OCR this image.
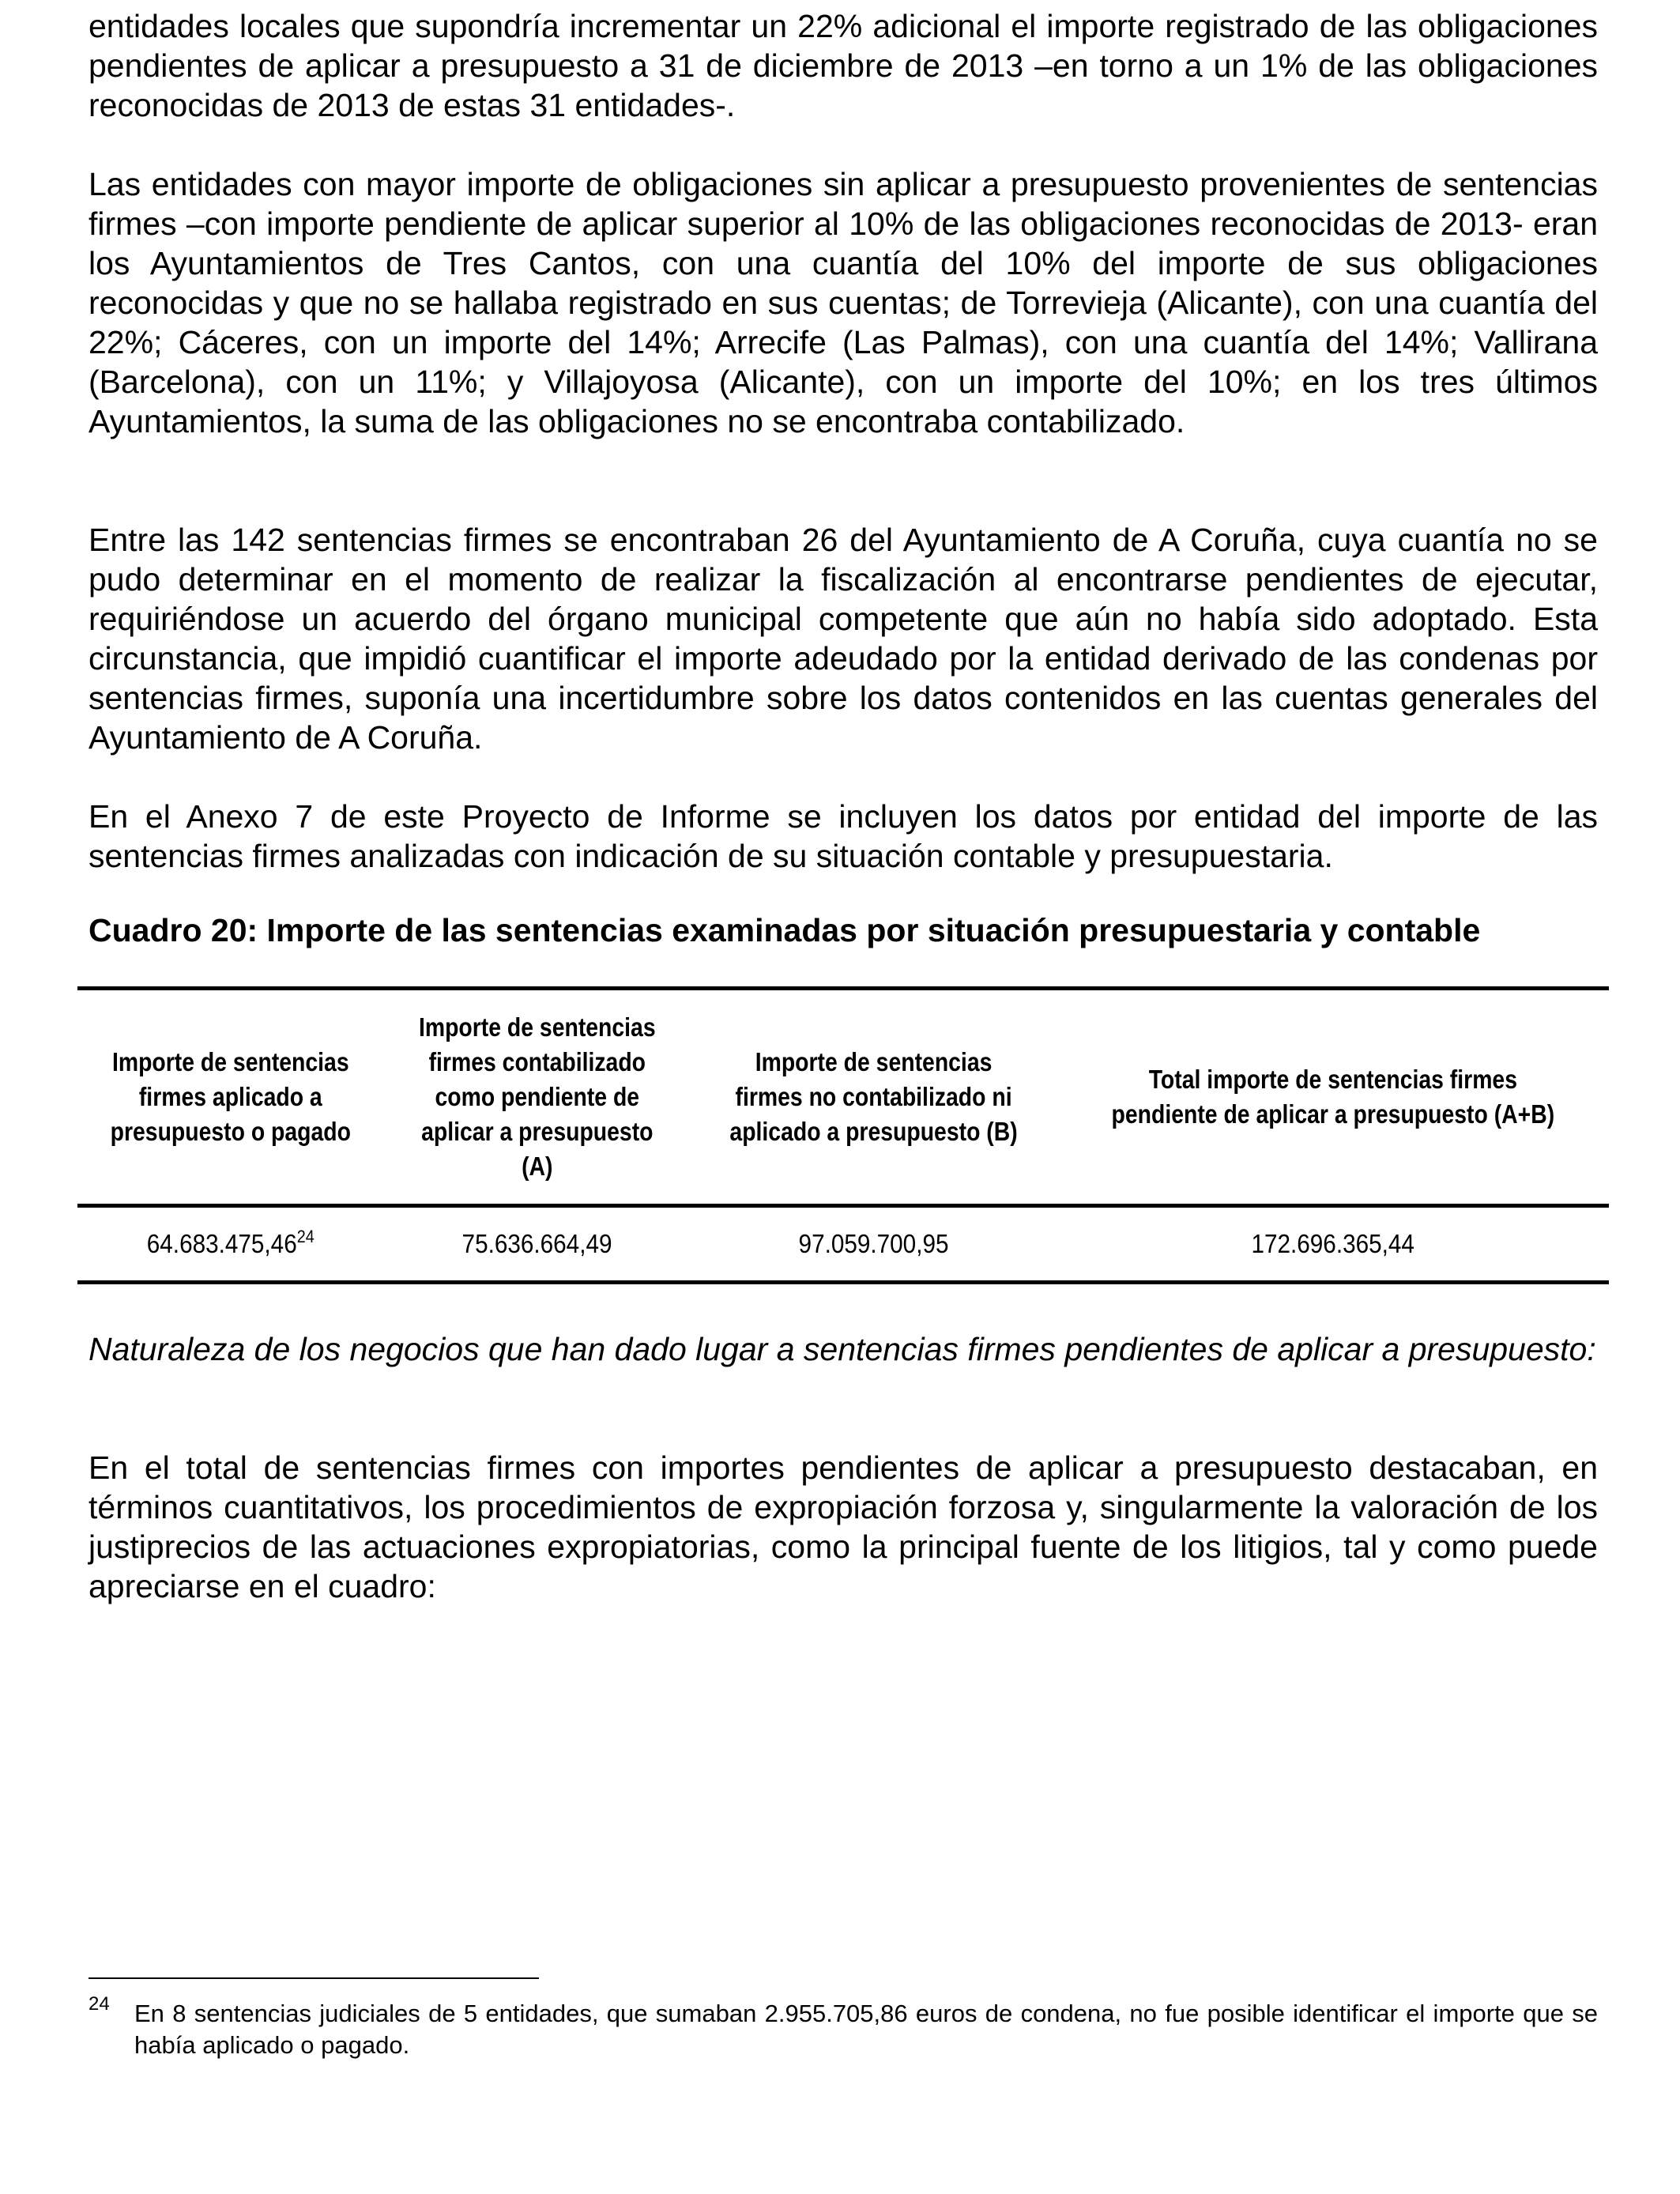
entidades locales que supondría incrementar un 22% adicional el importe registrado de las obligaciones pendientes de aplicar a presupuesto a 31 de diciembre de 2013 –en torno a un 1% de las obligaciones reconocidas de 2013 de estas 31 entidades-.

Las entidades con mayor importe de obligaciones sin aplicar a presupuesto provenientes de sentencias firmes –con importe pendiente de aplicar superior al 10% de las obligaciones reconocidas de 2013- eran los Ayuntamientos de Tres Cantos, con una cuantía del 10% del importe de sus obligaciones reconocidas y que no se hallaba registrado en sus cuentas; de Torrevieja (Alicante), con una cuantía del 22%; Cáceres, con un importe del 14%; Arrecife (Las Palmas), con una cuantía del 14%; Vallirana (Barcelona), con un 11%; y Villajoyosa (Alicante), con un importe del 10%; en los tres últimos Ayuntamientos, la suma de las obligaciones no se encontraba contabilizado.

Entre las 142 sentencias firmes se encontraban 26 del Ayuntamiento de A Coruña, cuya cuantía no se pudo determinar en el momento de realizar la fiscalización al encontrarse pendientes de ejecutar, requiriéndose un acuerdo del órgano municipal competente que aún no había sido adoptado. Esta circunstancia, que impidió cuantificar el importe adeudado por la entidad derivado de las condenas por sentencias firmes, suponía una incertidumbre sobre los datos contenidos en las cuentas generales del Ayuntamiento de A Coruña.

En el Anexo 7 de este Proyecto de Informe se incluyen los datos por entidad del importe de las sentencias firmes analizadas con indicación de su situación contable y presupuestaria.

Cuadro 20: Importe de las sentencias examinadas por situación presupuestaria y contable
Importe de sentencias firmes aplicado a presupuesto o pagado	Importe de sentencias firmes contabilizado como pendiente de aplicar a presupuesto (A)	Importe de sentencias firmes no contabilizado ni aplicado a presupuesto (B)	Total importe de sentencias firmes pendiente de aplicar a presupuesto (A+B)
64.683.475,46$^{24}$	75.636.664,49	97.059.700,95	172.696.365,44

Naturaleza de los negocios que han dado lugar a sentencias firmes pendientes de aplicar a presupuesto:

En el total de sentencias firmes con importes pendientes de aplicar a presupuesto destacaban, en términos cuantitativos, los procedimientos de expropiación forzosa y, singularmente la valoración de los justiprecios de las actuaciones expropiatorias, como la principal fuente de los litigios, tal y como puede apreciarse en el cuadro:

24 En 8 sentencias judiciales de 5 entidades, que sumaban 2.955.705,86 euros de condena, no fue posible identificar el importe que se había aplicado o pagado.
